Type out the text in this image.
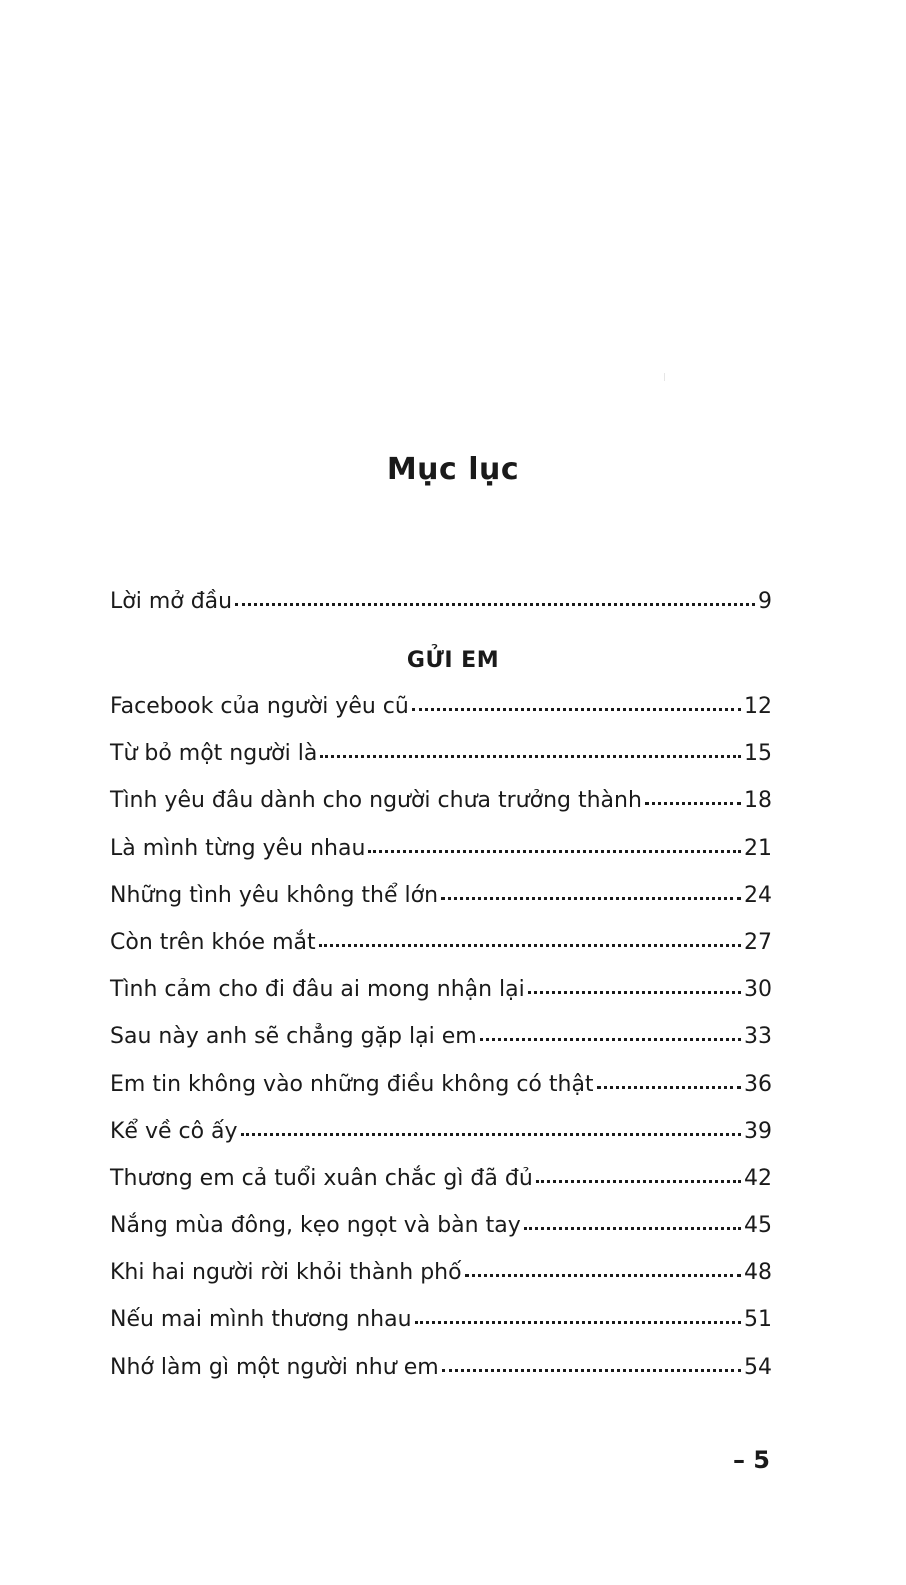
Mục lục
Lời mở đầu	9
GỬI EM
Facebook của người yêu cũ	12
Từ bỏ một người là	15
Tình yêu đâu dành cho người chưa trưởng thành	18
Là mình từng yêu nhau	21
Những tình yêu không thể lớn	24
Còn trên khóe mắt	27
Tình cảm cho đi đâu ai mong nhận lại	30
Sau này anh sẽ chẳng gặp lại em	33
Em tin không vào những điều không có thật	36
Kể về cô ấy	39
Thương em cả tuổi xuân chắc gì đã đủ	42
Nắng mùa đông, kẹo ngọt và bàn tay	45
Khi hai người rời khỏi thành phố	48
Nếu mai mình thương nhau	51
Nhớ làm gì một người như em	54
– 5
